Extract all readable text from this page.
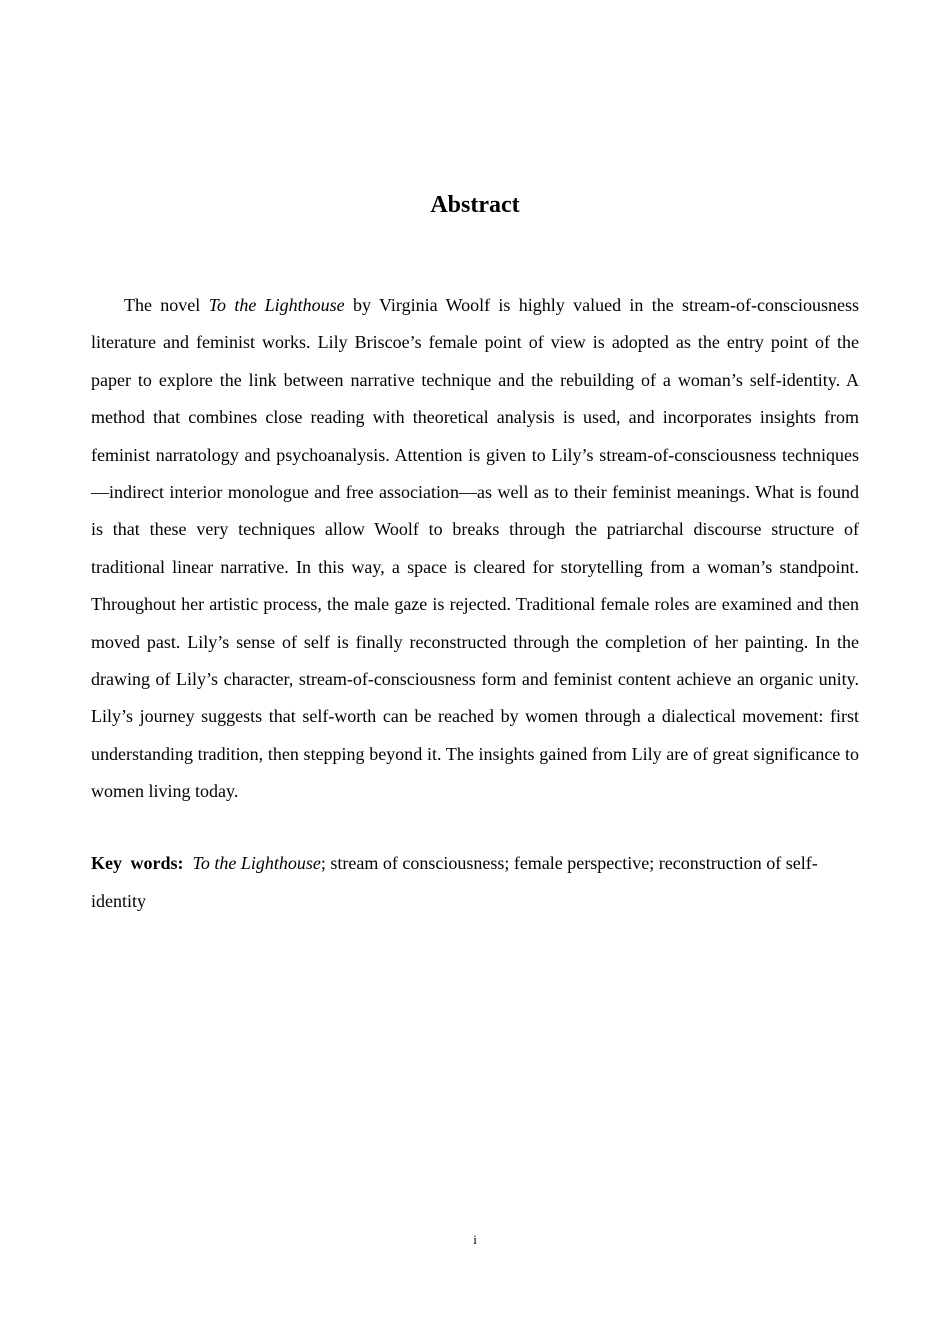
Abstract

The novel To the Lighthouse by Virginia Woolf is highly valued in the stream-of-consciousness literature and feminist works. Lily Briscoe’s female point of view is adopted as the entry point of the paper to explore the link between narrative technique and the rebuilding of a woman’s self-identity. A method that combines close reading with theoretical analysis is used, and incorporates insights from feminist narratology and psychoanalysis. Attention is given to Lily’s stream-of-consciousness techniques—indirect interior monologue and free association—as well as to their feminist meanings. What is found is that these very techniques allow Woolf to breaks through the patriarchal discourse structure of traditional linear narrative. In this way, a space is cleared for storytelling from a woman’s standpoint. Throughout her artistic process, the male gaze is rejected. Traditional female roles are examined and then moved past. Lily’s sense of self is finally reconstructed through the completion of her painting. In the drawing of Lily’s character, stream-of-consciousness form and feminist content achieve an organic unity. Lily’s journey suggests that self-worth can be reached by women through a dialectical movement: first understanding tradition, then stepping beyond it. The insights gained from Lily are of great significance to women living today.

Key words: To the Lighthouse; stream of consciousness; female perspective; reconstruction of self-identity

i
